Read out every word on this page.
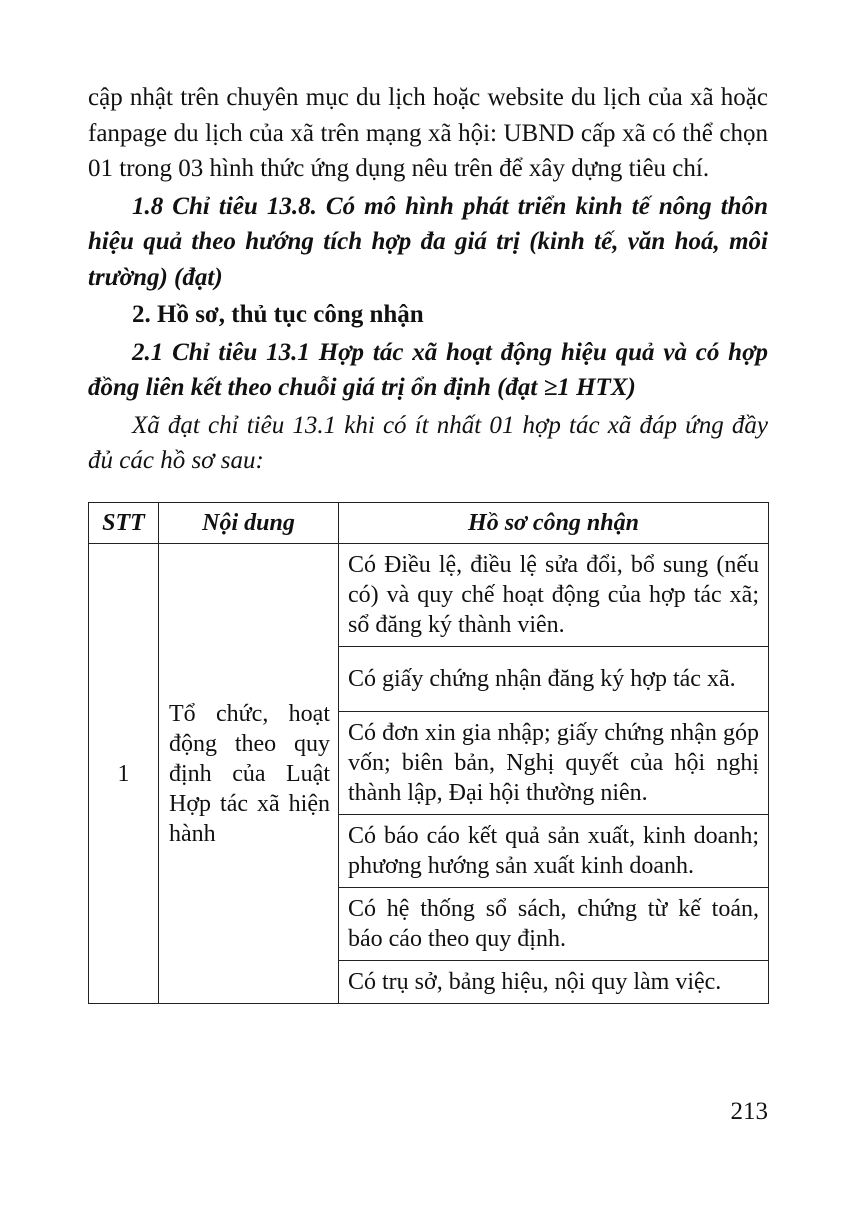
cập nhật trên chuyên mục du lịch hoặc website du lịch của xã hoặc fanpage du lịch của xã trên mạng xã hội: UBND cấp xã có thể chọn 01 trong 03 hình thức ứng dụng nêu trên để xây dựng tiêu chí.

1.8 Chỉ tiêu 13.8. Có mô hình phát triển kinh tế nông thôn hiệu quả theo hướng tích hợp đa giá trị (kinh tế, văn hoá, môi trường) (đạt)

2. Hồ sơ, thủ tục công nhận

2.1 Chỉ tiêu 13.1 Hợp tác xã hoạt động hiệu quả và có hợp đồng liên kết theo chuỗi giá trị ổn định (đạt ≥1 HTX)

Xã đạt chỉ tiêu 13.1 khi có ít nhất 01 hợp tác xã đáp ứng đầy đủ các hồ sơ sau:

STT	Nội dung	Hồ sơ công nhận
1	Tổ chức, hoạt động theo quy định của Luật Hợp tác xã hiện hành	Có Điều lệ, điều lệ sửa đổi, bổ sung (nếu có) và quy chế hoạt động của hợp tác xã; sổ đăng ký thành viên.
		Có giấy chứng nhận đăng ký hợp tác xã.
		Có đơn xin gia nhập; giấy chứng nhận góp vốn; biên bản, Nghị quyết của hội nghị thành lập, Đại hội thường niên.
		Có báo cáo kết quả sản xuất, kinh doanh; phương hướng sản xuất kinh doanh.
		Có hệ thống sổ sách, chứng từ kế toán, báo cáo theo quy định.
		Có trụ sở, bảng hiệu, nội quy làm việc.
213
